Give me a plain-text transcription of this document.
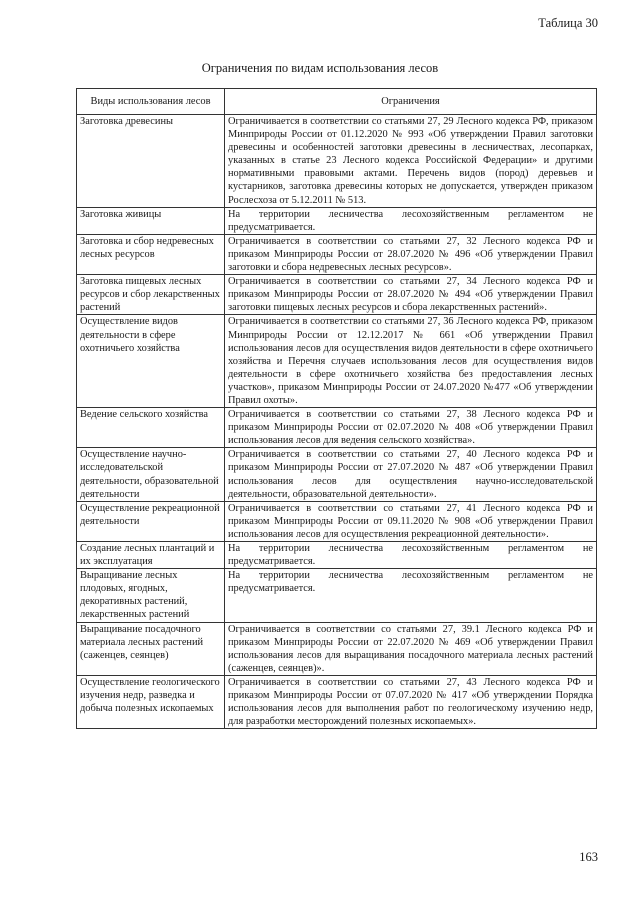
Таблица 30
Ограничения по видам использования лесов
Виды использования лесов	Ограничения
Заготовка древесины	Ограничивается в соответствии со статьями 27, 29 Лесного кодекса РФ, приказом Минприроды России от 01.12.2020 № 993 «Об утверждении Правил заготовки древесины и особенностей заготовки древесины в лесничествах, лесопарках, указанных в статье 23 Лесного кодекса Российской Федерации» и другими нормативными правовыми актами. Перечень видов (пород) деревьев и кустарников, заготовка древесины которых не допускается, утвержден приказом Рослесхоза от 5.12.2011 № 513.
Заготовка живицы	На территории лесничества лесохозяйственным регламентом не предусматривается.
Заготовка и сбор недревесных лесных ресурсов	Ограничивается в соответствии со статьями 27, 32 Лесного кодекса РФ и приказом Минприроды России от 28.07.2020 № 496 «Об утверждении Правил заготовки и сбора недревесных лесных ресурсов».
Заготовка пищевых лесных ресурсов и сбор лекарственных растений	Ограничивается в соответствии со статьями 27, 34 Лесного кодекса РФ и приказом Минприроды России от 28.07.2020 № 494 «Об утверждении Правил заготовки пищевых лесных ресурсов и сбора лекарственных растений».
Осуществление видов деятельности в сфере охотничьего хозяйства	Ограничивается в соответствии со статьями 27, 36 Лесного кодекса РФ, приказом Минприроды России от 12.12.2017 № 661 «Об утверждении Правил использования лесов для осуществления видов деятельности в сфере охотничьего хозяйства и Перечня случаев использования лесов для осуществления видов деятельности в сфере охотничьего хозяйства без предоставления лесных участков», приказом Минприроды России от 24.07.2020 №477 «Об утверждении Правил охоты».
Ведение сельского хозяйства	Ограничивается в соответствии со статьями 27, 38 Лесного кодекса РФ и приказом Минприроды России от 02.07.2020 № 408 «Об утверждении Правил использования лесов для ведения сельского хозяйства».
Осуществление научно-исследовательской деятельности, образовательной деятельности	Ограничивается в соответствии со статьями 27, 40 Лесного кодекса РФ и приказом Минприроды России от 27.07.2020 № 487 «Об утверждении Правил использования лесов для осуществления научно-исследовательской деятельности, образовательной деятельности».
Осуществление рекреационной деятельности	Ограничивается в соответствии со статьями 27, 41 Лесного кодекса РФ и приказом Минприроды России от 09.11.2020 № 908 «Об утверждении Правил использования лесов для осуществления рекреационной деятельности».
Создание лесных плантаций и их эксплуатация	На территории лесничества лесохозяйственным регламентом не предусматривается.
Выращивание лесных плодовых, ягодных, декоративных растений, лекарственных растений	На территории лесничества лесохозяйственным регламентом не предусматривается.
Выращивание посадочного материала лесных растений (саженцев, сеянцев)	Ограничивается в соответствии со статьями 27, 39.1 Лесного кодекса РФ и приказом Минприроды России от 22.07.2020 № 469 «Об утверждении Правил использования лесов для выращивания посадочного материала лесных растений (саженцев, сеянцев)».
Осуществление геологического изучения недр, разведка и добыча полезных ископаемых	Ограничивается в соответствии со статьями 27, 43 Лесного кодекса РФ и приказом Минприроды России от 07.07.2020 № 417 «Об утверждении Порядка использования лесов для выполнения работ по геологическому изучению недр, для разработки месторождений полезных ископаемых».
163
